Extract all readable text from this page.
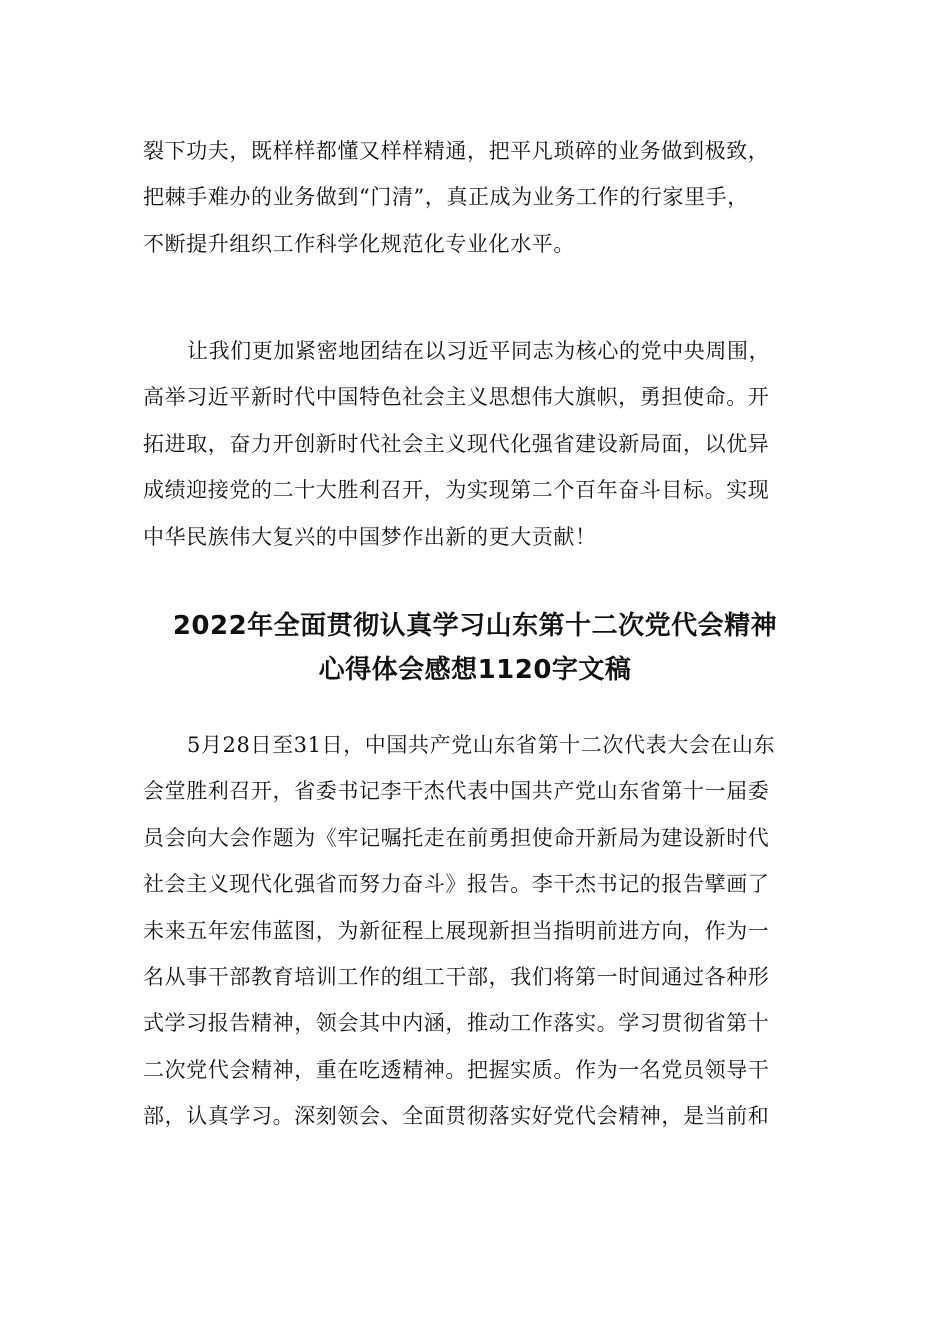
裂下功夫，既样样都懂又样样精通，把平凡琐碎的业务做到极致，
把棘手难办的业务做到“门清”，真正成为业务工作的行家里手，
不断提升组织工作科学化规范化专业化水平。
让我们更加紧密地团结在以习近平同志为核心的党中央周围，
高举习近平新时代中国特色社会主义思想伟大旗帜，勇担使命。开
拓进取，奋力开创新时代社会主义现代化强省建设新局面，以优异
成绩迎接党的二十大胜利召开，为实现第二个百年奋斗目标。实现
中华民族伟大复兴的中国梦作出新的更大贡献！
2022年全面贯彻认真学习山东第十二次党代会精神
心得体会感想1120字文稿
5月28日至31日，中国共产党山东省第十二次代表大会在山东
会堂胜利召开，省委书记李干杰代表中国共产党山东省第十一届委
员会向大会作题为《牢记嘱托走在前勇担使命开新局为建设新时代
社会主义现代化强省而努力奋斗》报告。李干杰书记的报告擘画了
未来五年宏伟蓝图，为新征程上展现新担当指明前进方向，作为一
名从事干部教育培训工作的组工干部，我们将第一时间通过各种形
式学习报告精神，领会其中内涵，推动工作落实。学习贯彻省第十
二次党代会精神，重在吃透精神。把握实质。作为一名党员领导干
部，认真学习。深刻领会、全面贯彻落实好党代会精神，是当前和
